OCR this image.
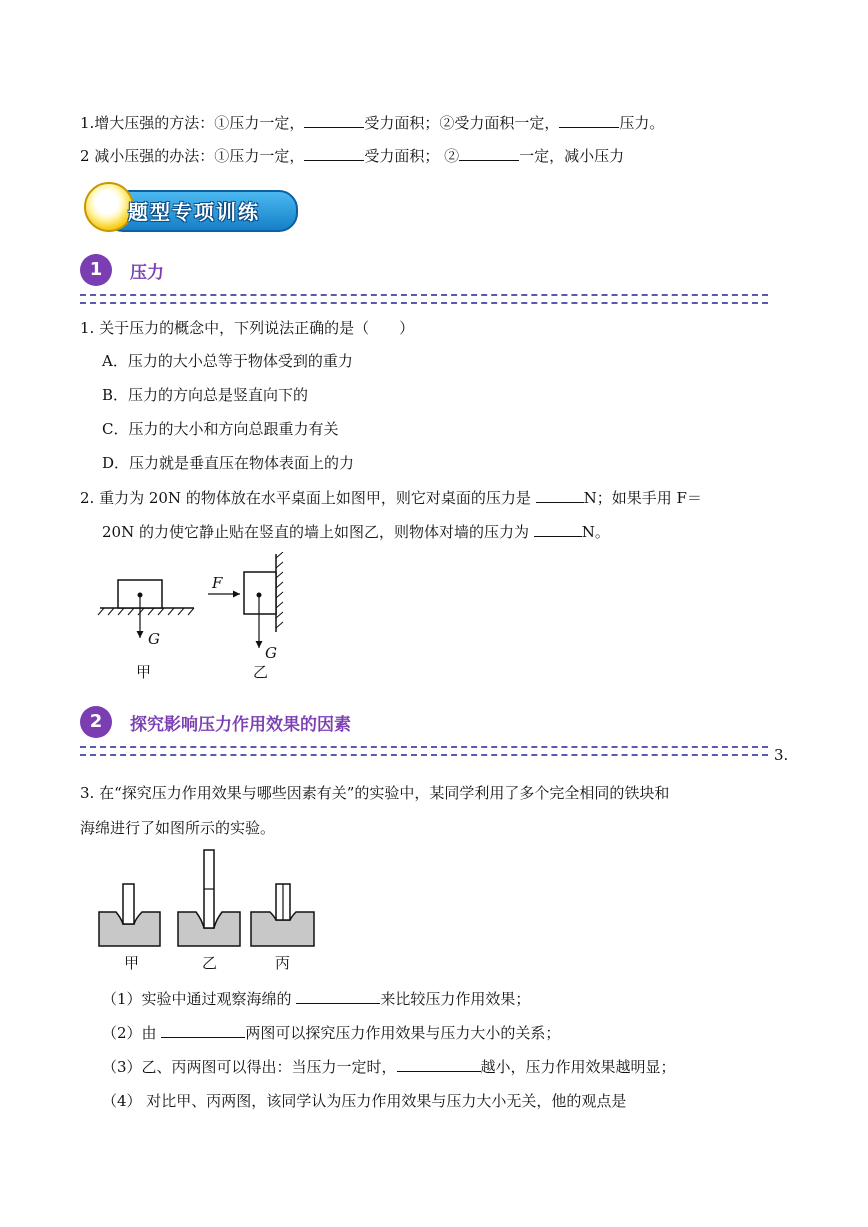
1.增大压强的方法：①压力一定，	受力面积；②受力面积一定，	压力。
2 减小压强的办法：①压力一定，	受力面积； ②	一定，减小压力
题型专项训练
1	压力
1. 关于压力的概念中，下列说法正确的是（　　）
A．压力的大小总等于物体受到的重力
B．压力的方向总是竖直向下的
C．压力的大小和方向总跟重力有关
D．压力就是垂直压在物体表面上的力
2. 重力为 20N 的物体放在水平桌面上如图甲，则它对桌面的压力是	N；如果手用 F＝
20N 的力使它静止贴在竖直的墙上如图乙，则物体对墙的压力为	N。
G
G
F
甲	乙
2	探究影响压力作用效果的因素
3.
3. 在“探究压力作用效果与哪些因素有关”的实验中，某同学利用了多个完全相同的铁块和
海绵进行了如图所示的实验。
甲	乙	丙
（1）实验中通过观察海绵的	来比较压力作用效果；
（2）由	两图可以探究压力作用效果与压力大小的关系；
（3）乙、丙两图可以得出：当压力一定时，	越小，压力作用效果越明显；
（4） 对比甲、丙两图，该同学认为压力作用效果与压力大小无关，他的观点是
